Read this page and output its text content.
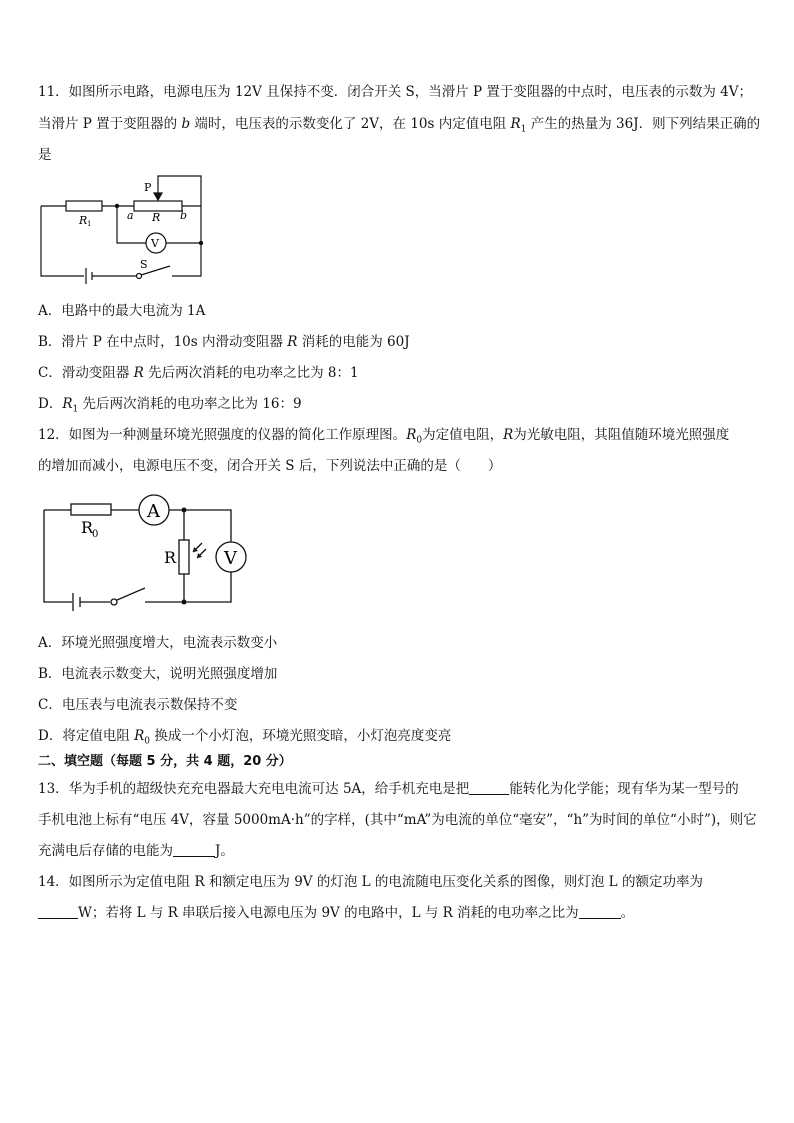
11．如图所示电路，电源电压为 12V 且保持不变．闭合开关 S，当滑片 P 置于变阻器的中点时，电压表的示数为 4V；
当滑片 P 置于变阻器的 b 端时，电压表的示数变化了 2V，在 10s 内定值电阻 $R_1$ 产生的热量为 36J．则下列结果正确的
是
R 1
P
a R b
V
S
R
0
A
R	V
A．电路中的最大电流为 1A
B．滑片 P 在中点时，10s 内滑动变阻器 R 消耗的电能为 60J
C．滑动变阻器 R 先后两次消耗的电功率之比为 8：1
D．$R_1$ 先后两次消耗的电功率之比为 16：9
12．如图为一种测量环境光照强度的仪器的简化工作原理图。$R_0$为定值电阻，R为光敏电阻，其阻值随环境光照强度
的增加而减小，电源电压不变，闭合开关 S 后，下列说法中正确的是（　　）
A．环境光照强度增大，电流表示数变小
B．电流表示数变大，说明光照强度增加
C．电压表与电流表示数保持不变
D．将定值电阻 $R_0$ 换成一个小灯泡，环境光照变暗，小灯泡亮度变亮
二、填空题（每题 5 分，共 4 题，20 分）
13．华为手机的超级快充充电器最大充电电流可达 5A，给手机充电是把	能转化为化学能；现有华为某一型号的
手机电池上标有“电压 4V，容量 5000mA·h”的字样，(其中“mA”为电流的单位“毫安”，“h”为时间的单位“小时”)，则它
充满电后存储的电能为	J。
14．如图所示为定值电阻 R 和额定电压为 9V 的灯泡 L 的电流随电压变化关系的图像，则灯泡 L 的额定功率为
W；若将 L 与 R 串联后接入电源电压为 9V 的电路中，L 与 R 消耗的电功率之比为	。
